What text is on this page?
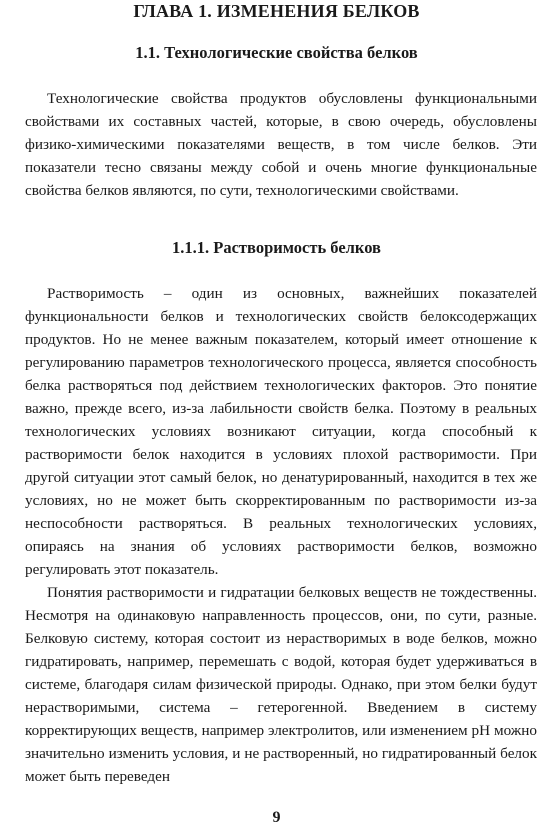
ГЛАВА 1. ИЗМЕНЕНИЯ БЕЛКОВ
1.1. Технологические свойства белков

Технологические свойства продуктов обусловлены функциональными свойствами их составных частей, которые, в свою очередь, обусловлены физико-химическими показателями веществ, в том числе белков. Эти показатели тесно связаны между собой и очень многие функциональные свойства белков являются, по сути, технологическими свойствами.

1.1.1. Растворимость белков

Растворимость – один из основных, важнейших показателей функциональности белков и технологических свойств белоксодержащих продуктов. Но не менее важным показателем, который имеет отношение к регулированию параметров технологического процесса, является способность белка растворяться под действием технологических факторов. Это понятие важно, прежде всего, из-за лабильности свойств белка. Поэтому в реальных технологических условиях возникают ситуации, когда способный к растворимости белок находится в условиях плохой растворимости. При другой ситуации этот самый белок, но денатурированный, находится в тех же условиях, но не может быть скорректированным по растворимости из-за неспособности растворяться. В реальных технологических условиях, опираясь на знания об условиях растворимости белков, возможно регулировать этот показатель.

Понятия растворимости и гидратации белковых веществ не тождественны. Несмотря на одинаковую направленность процессов, они, по сути, разные. Белковую систему, которая состоит из нерастворимых в воде белков, можно гидратировать, например, перемешать с водой, которая будет удерживаться в системе, благодаря силам физической природы. Однако, при этом белки будут нерастворимыми, система – гетерогенной. Введением в систему корректирующих веществ, например электролитов, или изменением pH можно значительно изменить условия, и не растворенный, но гидратированный белок может быть переведен

9
